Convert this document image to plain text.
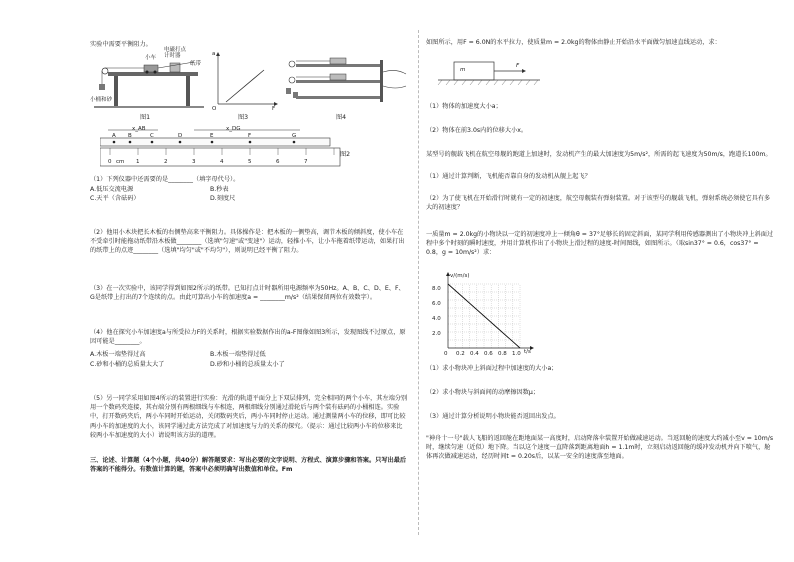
实验中需要平衡阻力。
小车
电磁打点
计时器
纸带
小桶和砂
图1
a
F
O
图3	图4
x_AB	x_DG
A B	C	D	E	F	G
0 cm 1	2	3	4	5	6	7
图2
（1）下列仪器中还需要的是________（填字母代号）。
A.低压交流电源	B.秒表
C.天平（含砝码）	D.刻度尺
（2）他用小木块把长木板的右侧垫高来平衡阻力。具体操作是：把木板的一侧垫高，调节木板的倾斜度，使小车在不受牵引时能拖动纸带沿木板做________（选填"匀速"或"变速"）运动，轻推小车，让小车拖着纸带运动，如果打出的纸带上的点迹________（选填"均匀"或"不均匀"），则说明已经平衡了阻力。
（3）在一次实验中，该同学得到如图2所示的纸带。已知打点计时器所用电源频率为50Hz。A、B、C、D、E、F、G是纸带上打出的7个连续的点。由此可算出小车的加速度a = ________m/s²（结果保留两位有效数字）。
（4）他在探究小车加速度a与所受拉力F的关系时，根据实验数据作出的a-F图像如图3所示，发现图线不过原点，原因可能是________。
A.木板一端垫得过高	B.木板一端垫得过低
C.砂和小桶的总质量太大了	D.砂和小桶的总质量太小了
（5）另一同学采用如图4所示的装置进行实验：光滑的轨道平面分上下双层排列，完全相同的两个小车，其左端分别用一个数码夹连接，其右端分别有两根细线与车相连，两根细线分别通过滑轮后与两个装有砝码的小桶相连。实验中，打开数码夹后，两小车同时开始运动，关闭数码夹后，两小车同时停止运动。通过测量两小车的位移，即可比较两小车的加速度的大小，该同学通过此方法完成了对加速度与力的关系的探究。（提示：通过比较两小车的位移来比较两小车加速度的大小）请说明该方法的道理。
三、论述、计算题（4个小题，共40分）解答题要求：写出必要的文字说明、方程式、演算步骤和答案。只写出最后答案的不能得分。有数值计算的题，答案中必须明确写出数值和单位。Fm
如图所示，用F = 6.0N的水平拉力，使质量m = 2.0kg的物体由静止开始沿水平面做匀加速直线运动，求：
m
F
（1）物体的加速度大小a；
（2）物体在前3.0s内的位移大小x。
某型号的舰载飞机在航空母舰的跑道上加速时，发动机产生的最大加速度为5m/s²，所需的起飞速度为50m/s，跑道长100m。
（1）通过计算判断，飞机能否靠自身的发动机从舰上起飞？
（2）为了使飞机在开始滑行时就有一定的初速度，航空母舰装有弹射装置。对于该型号的舰载飞机，弹射系统必须使它具有多大的初速度？
一质量m = 2.0kg的小物块以一定的初速度冲上一倾角θ = 37°足够长的固定斜面，某同学利用传感器测出了小物块冲上斜面过程中多个时刻的瞬时速度，并用计算机作出了小物块上滑过程的速度-时间图线，如图所示。（取sin37° = 0.6，cos37° = 0.8，g = 10m/s²）求：
v/(m/s)
t/s
8.0
6.0
4.0
2.0
0 0.2 0.4 0.6 0.8 1.0
（1）求小物块冲上斜面过程中加速度的大小a；
（2）求小物块与斜面间的动摩擦因数μ；
（3）通过计算分析说明小物块能否返回出发点。
"神舟十一号"载人飞船的返回舱在距地面某一高度时，启动降落伞装置开始做减速运动。当返回舱的速度大约减小至v = 10m/s时，继续匀速（近似）地下降。当以这个速度一直降落到距离地面h = 1.1m时，立刻启动返回舱的缓冲发动机并向下喷气，舱体再次做减速运动，经历时间t = 0.20s后，以某一安全的速度落至地面。
